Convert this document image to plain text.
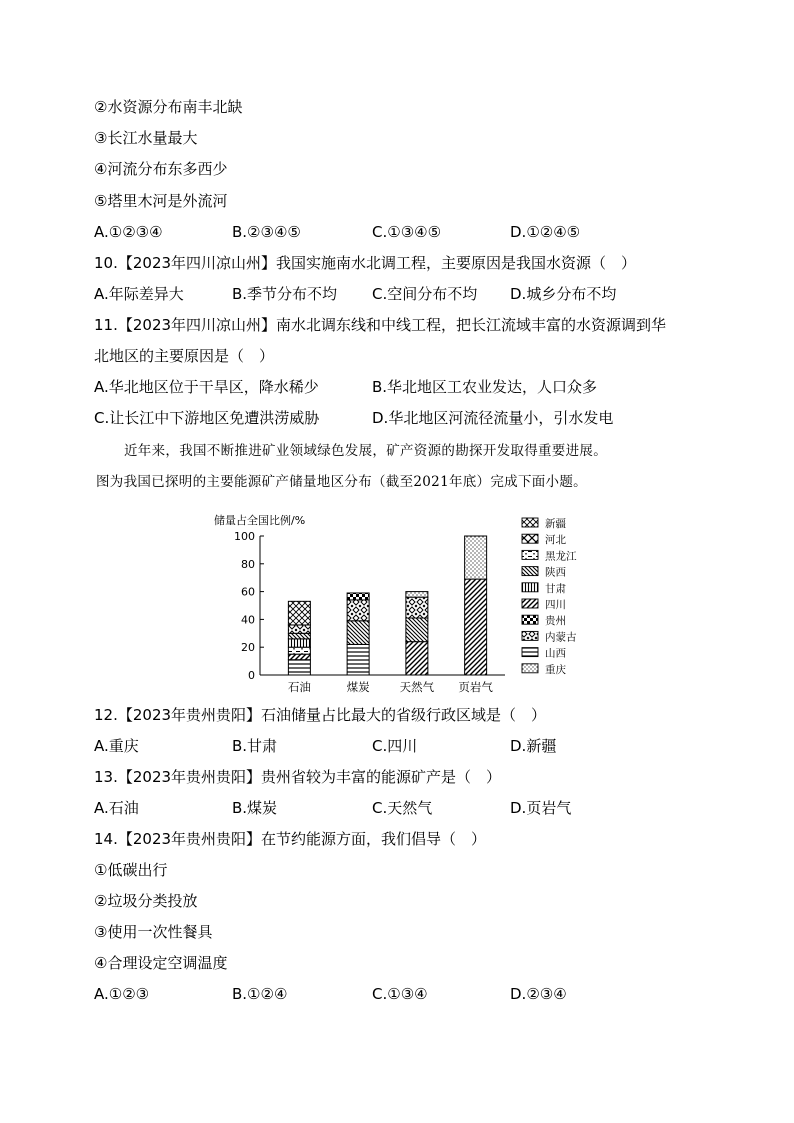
②水资源分布南丰北缺
③长江水量最大
④河流分布东多西少
⑤塔里木河是外流河
A.①②③④	B.②③④⑤	C.①③④⑤	D.①②④⑤
10.【2023年四川凉山州】我国实施南水北调工程，主要原因是我国水资源（　）
A.年际差异大	B.季节分布不均 C.空间分布不均 D.城乡分布不均
11.【2023年四川凉山州】南水北调东线和中线工程，把长江流域丰富的水资源调到华
北地区的主要原因是（　）
A.华北地区位于干旱区，降水稀少	B.华北地区工农业发达，人口众多
C.让长江中下游地区免遭洪涝威胁	D.华北地区河流径流量小，引水发电
近年来，我国不断推进矿业领域绿色发展，矿产资源的勘探开发取得重要进展。
图为我国已探明的主要能源矿产储量地区分布（截至2021年底）完成下面小题。
储量占全国比例/%
0
20
40
60
80
100
石油	煤炭	天然气 页岩气
新疆
河北
黑龙江
陕西
甘肃
四川
贵州
内蒙古
山西
重庆
12.【2023年贵州贵阳】石油储量占比最大的省级行政区域是（　）
A.重庆	B.甘肃	C.四川	D.新疆
13.【2023年贵州贵阳】贵州省较为丰富的能源矿产是（　）
A.石油	B.煤炭	C.天然气	D.页岩气
14.【2023年贵州贵阳】在节约能源方面，我们倡导（　）
①低碳出行
②垃圾分类投放
③使用一次性餐具
④合理设定空调温度
A.①②③	B.①②④	C.①③④	D.②③④
